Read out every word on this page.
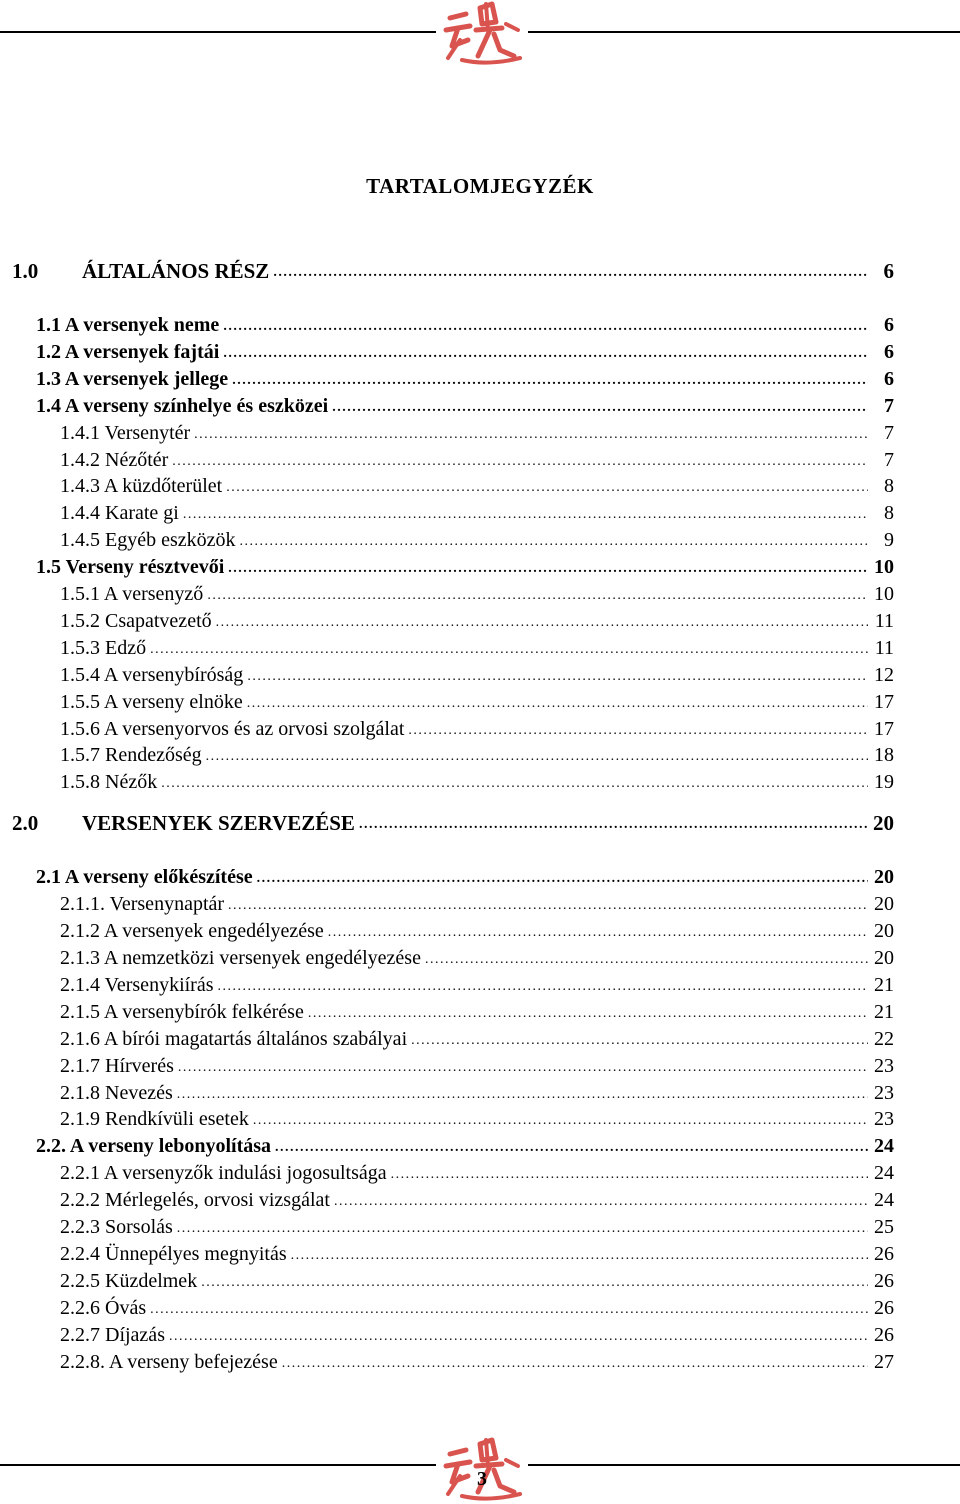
TARTALOMJEGYZÉK
1.0 ÁLTALÁNOS RÉSZ .....	6
1.1 A versenyek neme .....	6
1.2 A versenyek fajtái .....	6
1.3 A versenyek jellege .....	6
1.4 A verseny színhelye és eszközei .....	7
1.4.1 Versenytér .....	7
1.4.2 Nézőtér .....	7
1.4.3 A küzdőterület .....	8
1.4.4 Karate gi .....	8
1.4.5 Egyéb eszközök .....	9
1.5 Verseny résztvevői .....	10
1.5.1 A versenyző .....	10
1.5.2 Csapatvezető .....	11
1.5.3 Edző .....	11
1.5.4 A versenybíróság .....	12
1.5.5 A verseny elnöke .....	17
1.5.6 A versenyorvos és az orvosi szolgálat .....	17
1.5.7 Rendezőség .....	18
1.5.8 Nézők .....	19
2.0 VERSENYEK SZERVEZÉSE .....	20
2.1 A verseny előkészítése .....	20
2.1.1. Versenynaptár .....	20
2.1.2 A versenyek engedélyezése .....	20
2.1.3 A nemzetközi versenyek engedélyezése .....	20
2.1.4 Versenykiírás .....	21
2.1.5 A versenybírók felkérése .....	21
2.1.6 A bírói magatartás általános szabályai .....	22
2.1.7 Hírverés .....	23
2.1.8 Nevezés .....	23
2.1.9 Rendkívüli esetek .....	23
2.2. A verseny lebonyolítása .....	24
2.2.1 A versenyzők indulási jogosultsága .....	24
2.2.2 Mérlegelés, orvosi vizsgálat .....	24
2.2.3 Sorsolás .....	25
2.2.4 Ünnepélyes megnyitás .....	26
2.2.5 Küzdelmek .....	26
2.2.6 Óvás .....	26
2.2.7 Díjazás .....	26
2.2.8. A verseny befejezése .....	27
3
